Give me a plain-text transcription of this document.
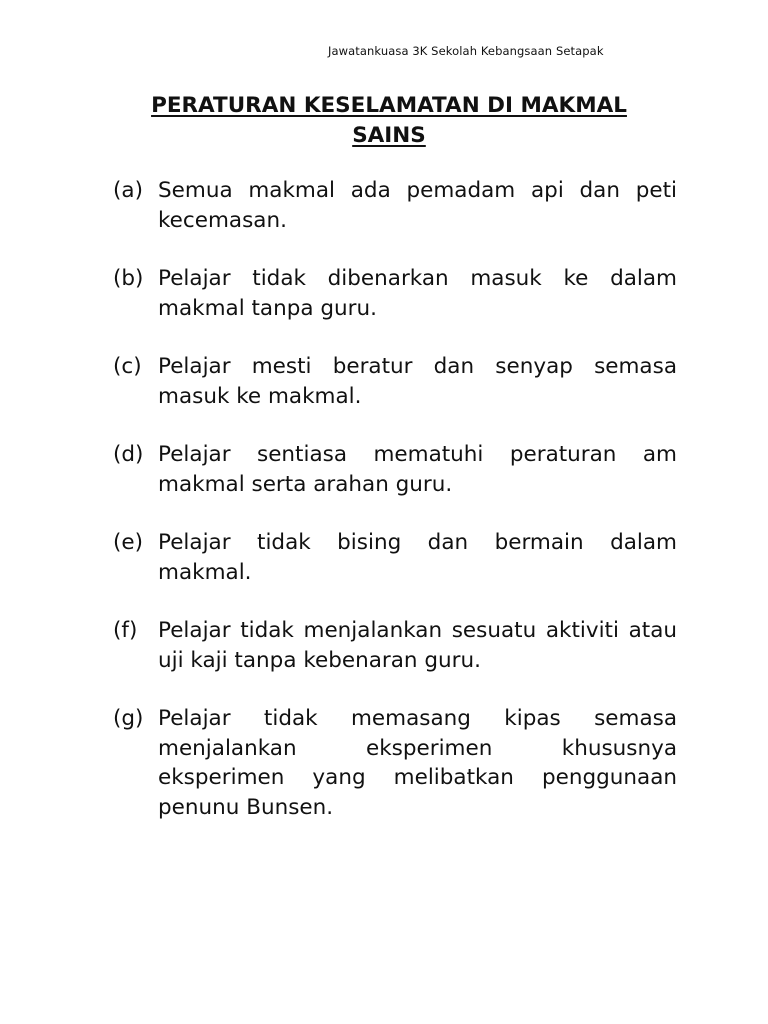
Jawatankuasa 3K Sekolah Kebangsaan Setapak
PERATURAN KESELAMATAN DI MAKMAL
SAINS
(a) Semua makmal ada pemadam api dan peti kecemasan.
(b) Pelajar tidak dibenarkan masuk ke dalam makmal tanpa guru.
(c) Pelajar mesti beratur dan senyap semasa masuk ke makmal.
(d) Pelajar sentiasa mematuhi peraturan am makmal serta arahan guru.
(e) Pelajar tidak bising dan bermain dalam makmal.
(f) Pelajar tidak menjalankan sesuatu aktiviti atau uji kaji tanpa kebenaran guru.
(g) Pelajar tidak memasang kipas semasa menjalankan eksperimen khususnya eksperimen yang melibatkan penggunaan penunu Bunsen.
